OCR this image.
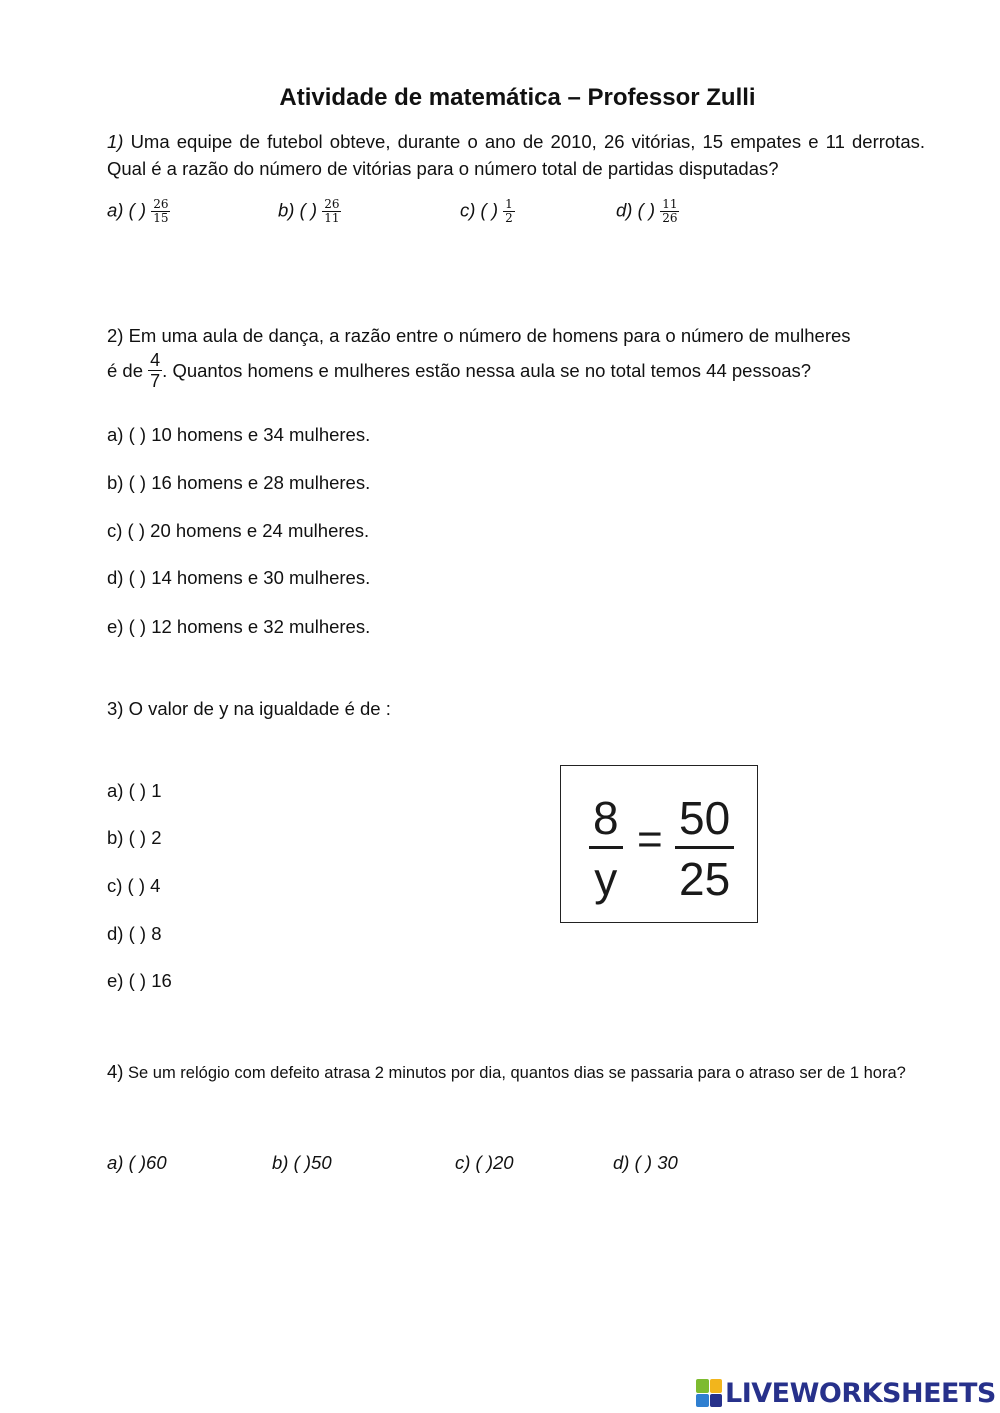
Atividade de matemática – Professor Zulli
1) Uma equipe de futebol obteve, durante o ano de 2010, 26 vitórias, 15 empates e 11 derrotas. Qual é a razão do número de vitórias para o número total de partidas disputadas?
a) ( ) $\frac{26}{15}$	b) ( ) $\frac{26}{11}$	c) ( ) $\frac{1}{2}$	d) ( ) $\frac{11}{26}$
2) Em uma aula de dança, a razão entre o número de homens para o número de mulheres
é de $\frac{4}{7}$ . Quantos homens e mulheres estão nessa aula se no total temos 44 pessoas?
a) ( ) 10 homens e 34 mulheres.
b) ( ) 16 homens e 28 mulheres.
c) ( ) 20 homens e 24 mulheres.
d) ( ) 14 homens e 30 mulheres.
e) ( ) 12 homens e 32 mulheres.
3) O valor de y na igualdade é de :
a) ( ) 1
b) ( ) 2
c) ( ) 4
d) ( ) 8
e) ( ) 16
$\frac{8}{y} = \frac{50}{25}$
4) Se um relógio com defeito atrasa 2 minutos por dia, quantos dias se passaria para o atraso ser de 1 hora?
a) ( )60	b) ( )50	c) ( )20	d) ( ) 30
LIVEWORKSHEETS
